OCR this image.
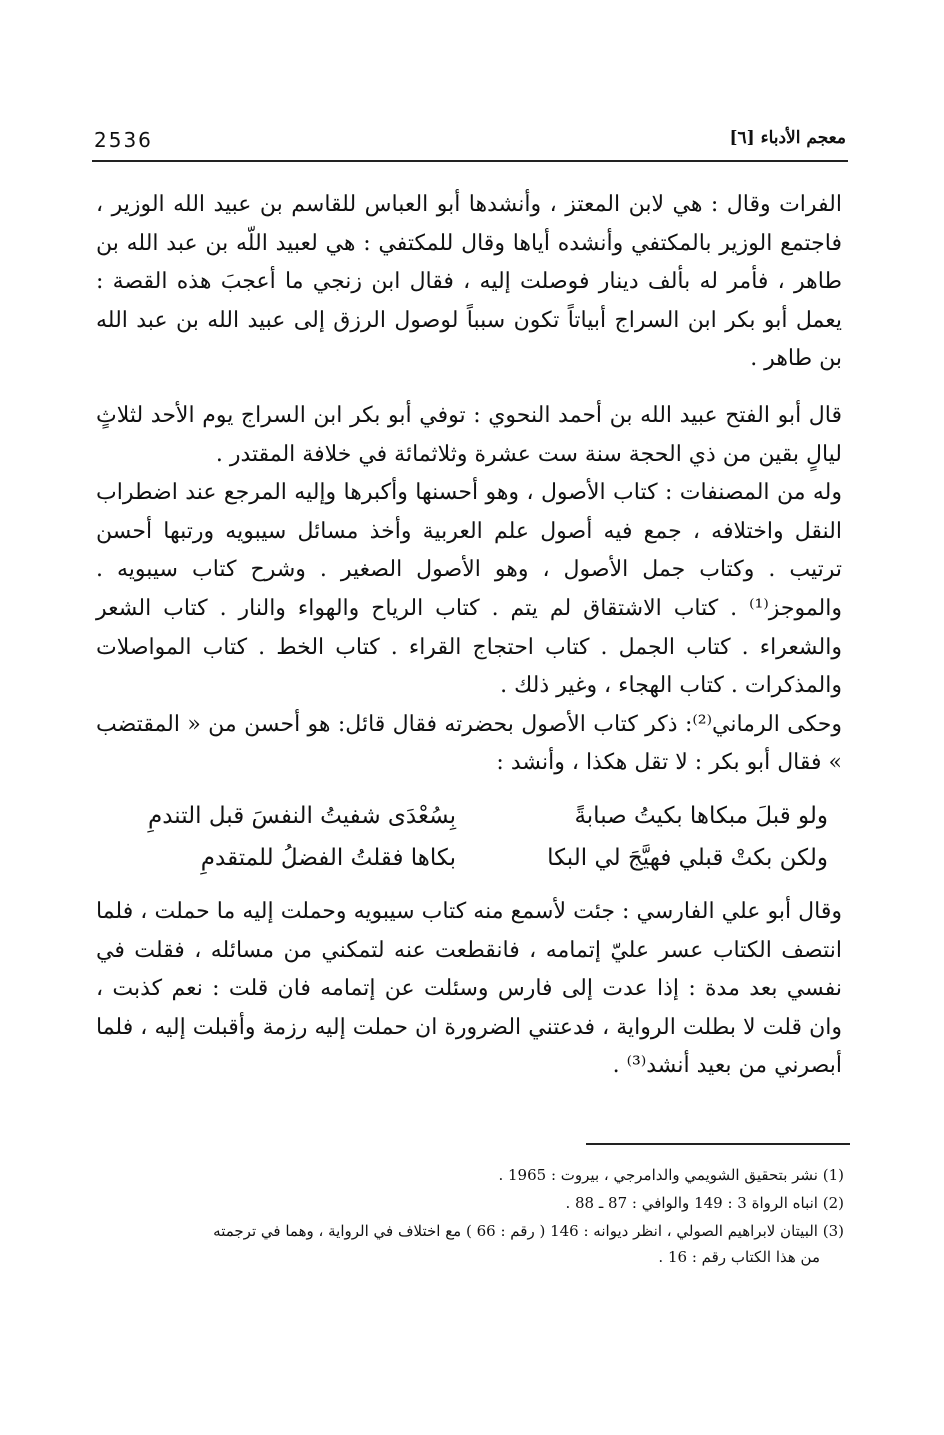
2536	معجم الأدباء [٦]

الفرات وقال : هي لابن المعتز ، وأنشدها أبو العباس للقاسم بن عبيد الله الوزير ، فاجتمع الوزير بالمكتفي وأنشده أياها وقال للمكتفي : هي لعبيد اللّه بن عبد الله بن طاهر ، فأمر له بألف دينار فوصلت إليه ، فقال ابن زنجي ما أعجبَ هذه القصة : يعمل أبو بكر ابن السراج أبياتاً تكون سبباً لوصول الرزق إلى عبيد الله بن عبد الله بن طاهر .

قال أبو الفتح عبيد الله بن أحمد النحوي : توفي أبو بكر ابن السراج يوم الأحد لثلاثٍ ليالٍ بقين من ذي الحجة سنة ست عشرة وثلاثمائة في خلافة المقتدر .

وله من المصنفات : كتاب الأصول ، وهو أحسنها وأكبرها وإليه المرجع عند اضطراب النقل واختلافه ، جمع فيه أصول علم العربية وأخذ مسائل سيبويه ورتبها أحسن ترتيب . وكتاب جمل الأصول ، وهو الأصول الصغير . وشرح كتاب سيبويه . والموجز⁽¹⁾ . كتاب الاشتقاق لم يتم . كتاب الرياح والهواء والنار . كتاب الشعر والشعراء . كتاب الجمل . كتاب احتجاج القراء . كتاب الخط . كتاب المواصلات والمذكرات . كتاب الهجاء ، وغير ذلك .

وحكى الرماني⁽²⁾: ذكر كتاب الأصول بحضرته فقال قائل: هو أحسن من « المقتضب » فقال أبو بكر : لا تقل هكذا ، وأنشد :

ولو قبلَ مبكاها بكيتُ صبابةً
بِسُعْدَى شفيتُ النفسَ قبل التندمِ
ولكن بكتْ قبلي فهيَّجَ لي البكا
بكاها فقلتُ الفضلُ للمتقدمِ

وقال أبو علي الفارسي : جئت لأسمع منه كتاب سيبويه وحملت إليه ما حملت ، فلما انتصف الكتاب عسر عليّ إتمامه ، فانقطعت عنه لتمكني من مسائله ، فقلت في نفسي بعد مدة : إذا عدت إلى فارس وسئلت عن إتمامه فان قلت : نعم كذبت ، وان قلت لا بطلت الرواية ، فدعتني الضرورة ان حملت إليه رزمة وأقبلت إليه ، فلما أبصرني من بعيد أنشد⁽³⁾ .

(1) نشر بتحقيق الشويمي والدامرجي ، بيروت : 1965 .
(2) انباه الرواة 3 : 149 والوافي : 87 ـ 88 .
(3) البيتان لابراهيم الصولي ، انظر ديوانه : 146 ( رقم : 66 ) مع اختلاف في الرواية ، وهما في ترجمته
من هذا الكتاب رقم : 16 .
